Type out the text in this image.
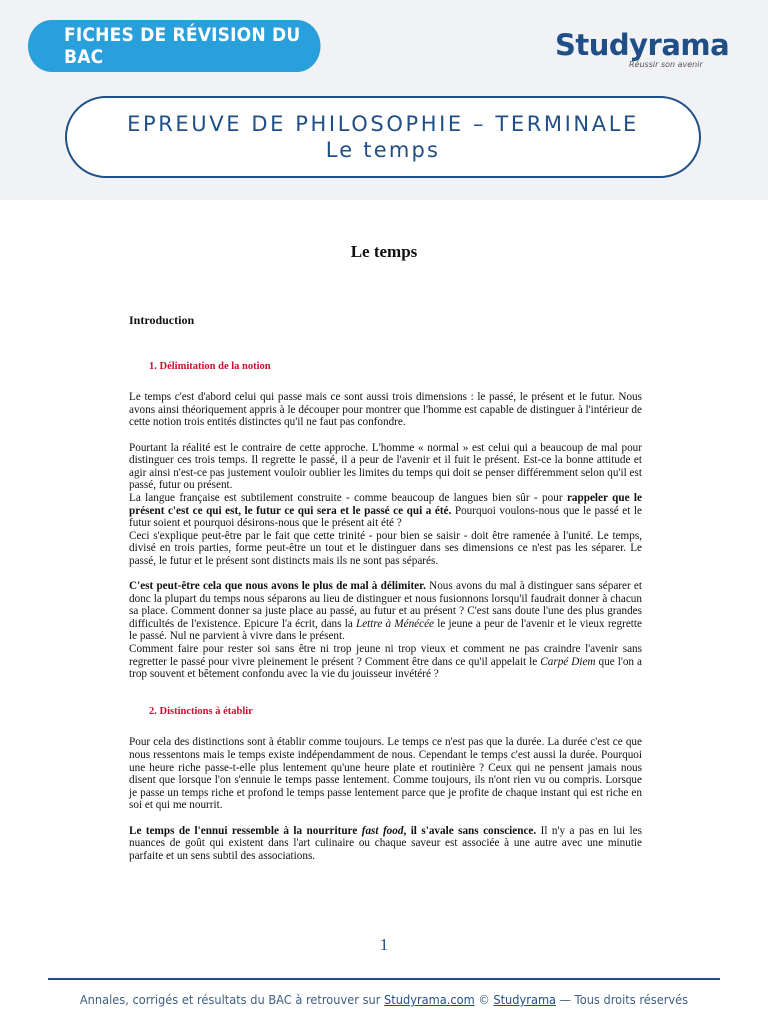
FICHES DE RÉVISION DU BAC	Studyrama
Réussir son avenir
EPREUVE DE PHILOSOPHIE – TERMINALE
Le temps
Le temps

Introduction

1. Délimitation de la notion

Le temps c'est d'abord celui qui passe mais ce sont aussi trois dimensions : le passé, le présent et le futur. Nous avons ainsi théoriquement appris à le découper pour montrer que l'homme est capable de distinguer à l'intérieur de cette notion trois entités distinctes qu'il ne faut pas confondre.

Pourtant la réalité est le contraire de cette approche. L'homme « normal » est celui qui a beaucoup de mal pour distinguer ces trois temps. Il regrette le passé, il a peur de l'avenir et il fuit le présent. Est-ce la bonne attitude et agir ainsi n'est-ce pas justement vouloir oublier les limites du temps qui doit se penser différemment selon qu'il est passé, futur ou présent.

La langue française est subtilement construite - comme beaucoup de langues bien sûr - pour rappeler que le présent c'est ce qui est, le futur ce qui sera et le passé ce qui a été. Pourquoi voulons-nous que le passé et le futur soient et pourquoi désirons-nous que le présent ait été ?

Ceci s'explique peut-être par le fait que cette trinité - pour bien se saisir - doit être ramenée à l'unité. Le temps, divisé en trois parties, forme peut-être un tout et le distinguer dans ses dimensions ce n'est pas les séparer. Le passé, le futur et le présent sont distincts mais ils ne sont pas séparés.

C'est peut-être cela que nous avons le plus de mal à délimiter. Nous avons du mal à distinguer sans séparer et donc la plupart du temps nous séparons au lieu de distinguer et nous fusionnons lorsqu'il faudrait donner à chacun sa place. Comment donner sa juste place au passé, au futur et au présent ? C'est sans doute l'une des plus grandes difficultés de l'existence. Epicure l'a écrit, dans la Lettre à Ménécée le jeune a peur de l'avenir et le vieux regrette le passé. Nul ne parvient à vivre dans le présent.

Comment faire pour rester soi sans être ni trop jeune ni trop vieux et comment ne pas craindre l'avenir sans regretter le passé pour vivre pleinement le présent ? Comment être dans ce qu'il appelait le Carpé Diem que l'on a trop souvent et bêtement confondu avec la vie du jouisseur invétéré ?

2. Distinctions à établir

Pour cela des distinctions sont à établir comme toujours. Le temps ce n'est pas que la durée. La durée c'est ce que nous ressentons mais le temps existe indépendamment de nous. Cependant le temps c'est aussi la durée. Pourquoi une heure riche passe-t-elle plus lentement qu'une heure plate et routinière ? Ceux qui ne pensent jamais nous disent que lorsque l'on s'ennuie le temps passe lentement. Comme toujours, ils n'ont rien vu ou compris. Lorsque je passe un temps riche et profond le temps passe lentement parce que je profite de chaque instant qui est riche en soi et qui me nourrit.

Le temps de l'ennui ressemble à la nourriture fast food, il s'avale sans conscience. Il n'y a pas en lui les nuances de goût qui existent dans l'art culinaire ou chaque saveur est associée à une autre avec une minutie parfaite et un sens subtil des associations.

1
Annales, corrigés et résultats du BAC à retrouver sur Studyrama.com © Studyrama — Tous droits réservés
